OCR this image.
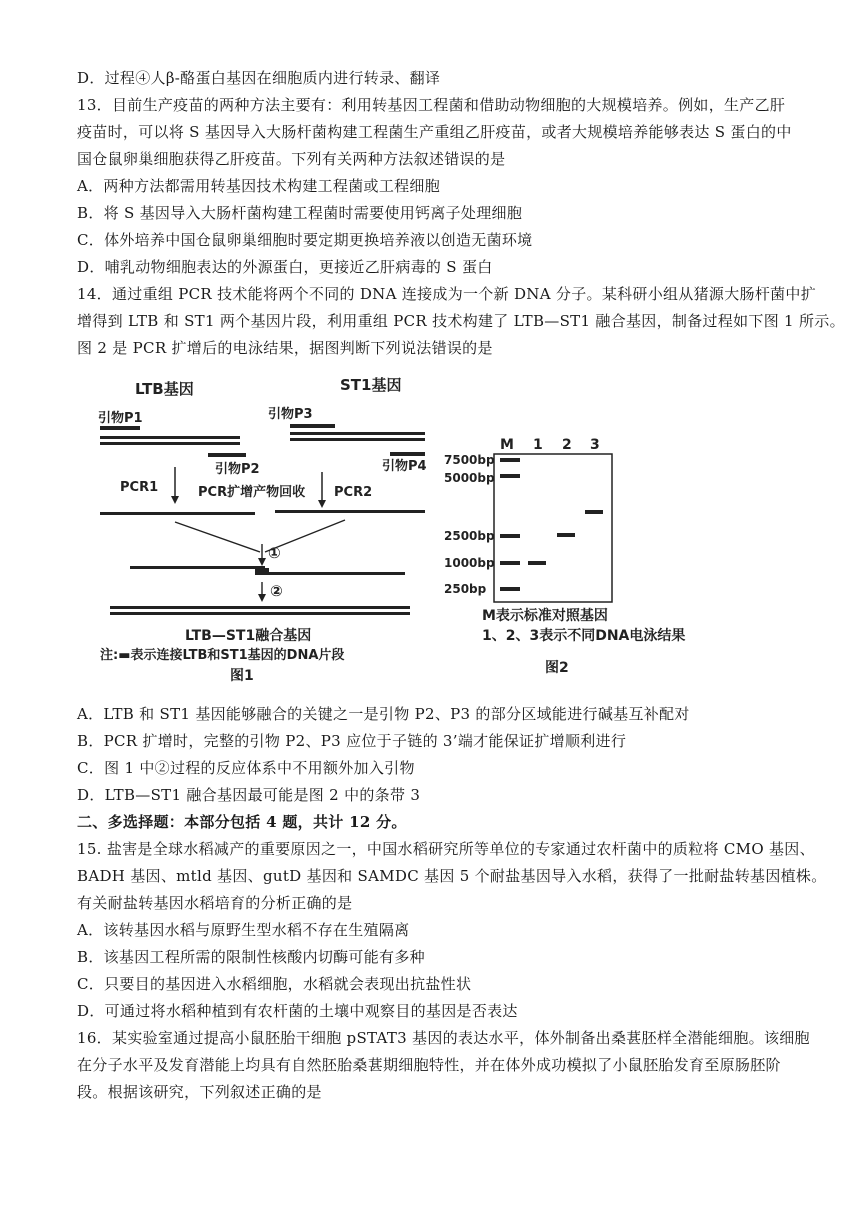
D．过程④人β-酪蛋白基因在细胞质内进行转录、翻译
13．目前生产疫苗的两种方法主要有：利用转基因工程菌和借助动物细胞的大规模培养。例如，生产乙肝
疫苗时，可以将 S 基因导入大肠杆菌构建工程菌生产重组乙肝疫苗，或者大规模培养能够表达 S 蛋白的中
国仓鼠卵巢细胞获得乙肝疫苗。下列有关两种方法叙述错误的是
A．两种方法都需用转基因技术构建工程菌或工程细胞
B．将 S 基因导入大肠杆菌构建工程菌时需要使用钙离子处理细胞
C．体外培养中国仓鼠卵巢细胞时要定期更换培养液以创造无菌环境
D．哺乳动物细胞表达的外源蛋白，更接近乙肝病毒的 S 蛋白
14．通过重组 PCR 技术能将两个不同的 DNA 连接成为一个新 DNA 分子。某科研小组从猪源大肠杆菌中扩
增得到 LTB 和 ST1 两个基因片段，利用重组 PCR 技术构建了 LTB—ST1 融合基因，制备过程如下图 1 所示。
图 2 是 PCR 扩增后的电泳结果，据图判断下列说法错误的是
LTB基因	ST1基因
引物P1	引物P3
引物P2	引物P4
PCR1	PCR扩增产物回收 PCR2
①
②
LTB—ST1融合基因
注:▬表示连接LTB和ST1基因的DNA片段
图1
M 1 2 3
7500bp
5000bp
2500bp
1000bp
250bp
M表示标准对照基因
1、2、3表示不同DNA电泳结果
图2
A．LTB 和 ST1 基因能够融合的关键之一是引物 P2、P3 的部分区域能进行碱基互补配对
B．PCR 扩增时，完整的引物 P2、P3 应位于子链的 3’端才能保证扩增顺利进行
C．图 1 中②过程的反应体系中不用额外加入引物
D．LTB—ST1 融合基因最可能是图 2 中的条带 3
二、多选择题：本部分包括 4 题，共计 12 分。
15. 盐害是全球水稻减产的重要原因之一，中国水稻研究所等单位的专家通过农杆菌中的质粒将 CMO 基因、
BADH 基因、mtld 基因、gutD 基因和 SAMDC 基因 5 个耐盐基因导入水稻，获得了一批耐盐转基因植株。
有关耐盐转基因水稻培育的分析正确的是
A．该转基因水稻与原野生型水稻不存在生殖隔离
B．该基因工程所需的限制性核酸内切酶可能有多种
C．只要目的基因进入水稻细胞，水稻就会表现出抗盐性状
D．可通过将水稻种植到有农杆菌的土壤中观察目的基因是否表达
16．某实验室通过提高小鼠胚胎干细胞 pSTAT3 基因的表达水平，体外制备出桑葚胚样全潜能细胞。该细胞
在分子水平及发育潜能上均具有自然胚胎桑葚期细胞特性，并在体外成功模拟了小鼠胚胎发育至原肠胚阶
段。根据该研究，下列叙述正确的是
